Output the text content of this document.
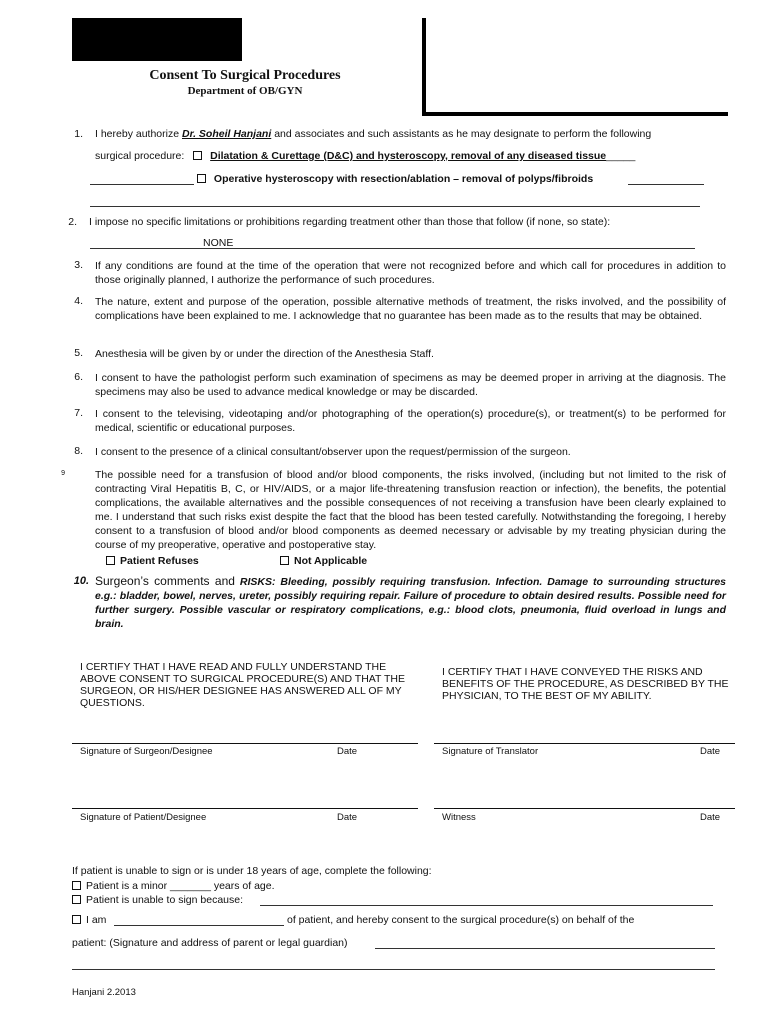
Consent To Surgical Procedures
Department of OB/GYN
1. I hereby authorize Dr. Soheil Hanjani and associates and such assistants as he may designate to perform the following
surgical procedure: Dilatation & Curettage (D&C) and hysteroscopy, removal of any diseased tissue_____
Operative hysteroscopy with resection/ablation – removal of polyps/fibroids
2. I impose no specific limitations or prohibitions regarding treatment other than those that follow (if none, so state):
NONE
3. If any conditions are found at the time of the operation that were not recognized before and which call for procedures in addition to those originally planned, I authorize the performance of such procedures.
4. The nature, extent and purpose of the operation, possible alternative methods of treatment, the risks involved, and the possibility of complications have been explained to me. I acknowledge that no guarantee has been made as to the results that may be obtained.
5. Anesthesia will be given by or under the direction of the Anesthesia Staff.
6. I consent to have the pathologist perform such examination of specimens as may be deemed proper in arriving at the diagnosis. The specimens may also be used to advance medical knowledge or may be discarded.
7. I consent to the televising, videotaping and/or photographing of the operation(s) procedure(s), or treatment(s) to be performed for medical, scientific or educational purposes.
8. I consent to the presence of a clinical consultant/observer upon the request/permission of the surgeon.
9	The possible need for a transfusion of blood and/or blood components, the risks involved, (including but not limited to the risk of contracting Viral Hepatitis B, C, or HIV/AIDS, or a major life-threatening transfusion reaction or infection), the benefits, the potential complications, the available alternatives and the possible consequences of not receiving a transfusion have been clearly explained to me. I understand that such risks exist despite the fact that the blood has been tested carefully. Notwithstanding the foregoing, I hereby consent to a transfusion of blood and/or blood components as deemed necessary or advisable by my treating physician during the course of my preoperative, operative and postoperative stay.
Patient Refuses	Not Applicable
10. Surgeon’s comments and RISKS: Bleeding, possibly requiring transfusion. Infection. Damage to surrounding structures e.g.: bladder, bowel, nerves, ureter, possibly requiring repair. Failure of procedure to obtain desired results. Possible need for further surgery. Possible vascular or respiratory complications, e.g.: blood clots, pneumonia, fluid overload in lungs and brain.
I CERTIFY THAT I HAVE READ AND FULLY UNDERSTAND THE ABOVE CONSENT TO SURGICAL PROCEDURE(S) AND THAT THE SURGEON, OR HIS/HER DESIGNEE HAS ANSWERED ALL OF MY QUESTIONS.
I CERTIFY THAT I HAVE CONVEYED THE RISKS AND BENEFITS OF THE PROCEDURE, AS DESCRIBED BY THE PHYSICIAN, TO THE BEST OF MY ABILITY.
Signature of Surgeon/Designee	Date	Signature of Translator	Date
Signature of Patient/Designee	Date	Witness	Date
If patient is unable to sign or is under 18 years of age, complete the following:
Patient is a minor _______ years of age.
Patient is unable to sign because:
I am	of patient, and hereby consent to the surgical procedure(s) on behalf of the
patient: (Signature and address of parent or legal guardian)
Hanjani 2.2013
